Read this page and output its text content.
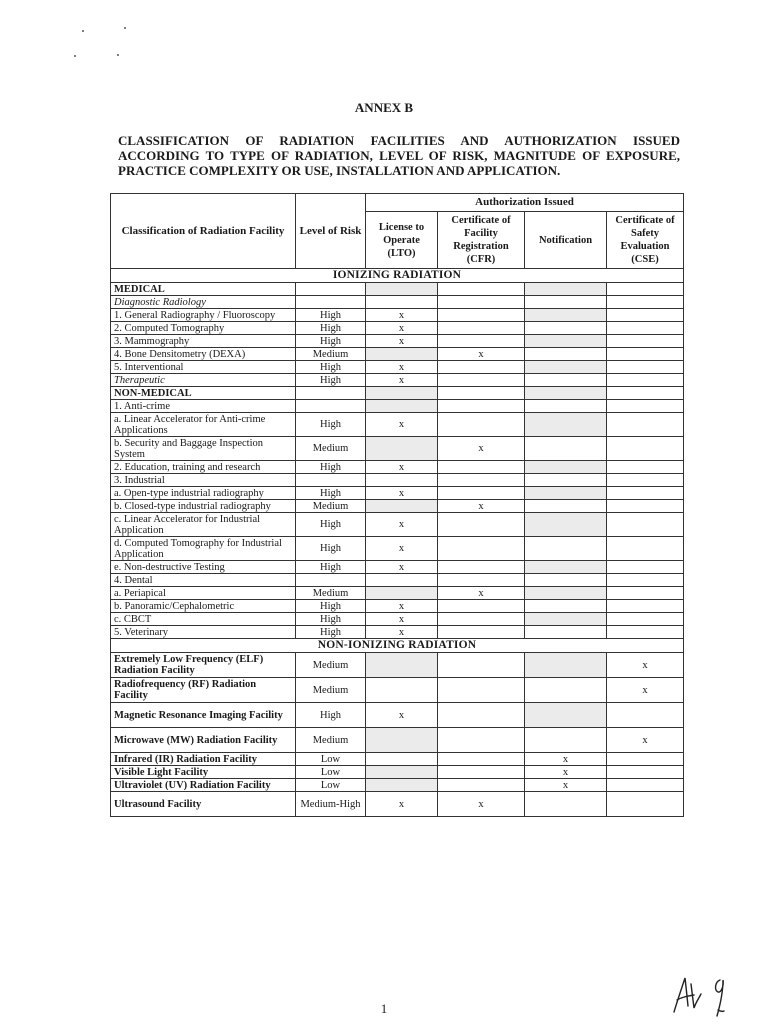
ANNEX B
CLASSIFICATION OF RADIATION FACILITIES AND AUTHORIZATION ISSUED ACCORDING TO TYPE OF RADIATION, LEVEL OF RISK, MAGNITUDE OF EXPOSURE, PRACTICE COMPLEXITY OR USE, INSTALLATION AND APPLICATION.
Classification of Radiation Facility	Level of Risk	Authorization Issued			
		License to Operate (LTO)	Certificate of Facility Registration (CFR)	Notification	Certificate of Safety Evaluation (CSE)
IONIZING RADIATION					
MEDICAL					
Diagnostic Radiology					
1. General Radiography / Fluoroscopy	High	x			
2. Computed Tomography	High	x			
3. Mammography	High	x			
4. Bone Densitometry (DEXA)	Medium		x		
5. Interventional	High	x			
Therapeutic	High	x			
NON-MEDICAL					
1. Anti-crime					
a. Linear Accelerator for Anti-crime Applications	High	x			
b. Security and Baggage Inspection System	Medium		x		
2. Education, training and research	High	x			
3. Industrial					
a. Open-type industrial radiography	High	x			
b. Closed-type industrial radiography	Medium		x		
c. Linear Accelerator for Industrial Application	High	x			
d. Computed Tomography for Industrial Application	High	x			
e. Non-destructive Testing	High	x			
4. Dental					
a. Periapical	Medium		x		
b. Panoramic/Cephalometric	High	x			
c. CBCT	High	x			
5. Veterinary	High	x			
NON-IONIZING RADIATION					
Extremely Low Frequency (ELF) Radiation Facility	Medium				x
Radiofrequency (RF) Radiation Facility	Medium				x
Magnetic Resonance Imaging Facility	High	x			
Microwave (MW) Radiation Facility	Medium				x
Infrared (IR) Radiation Facility	Low			x	
Visible Light Facility	Low			x	
Ultraviolet (UV) Radiation Facility	Low			x	
Ultrasound Facility	Medium-High	x	x		
1
